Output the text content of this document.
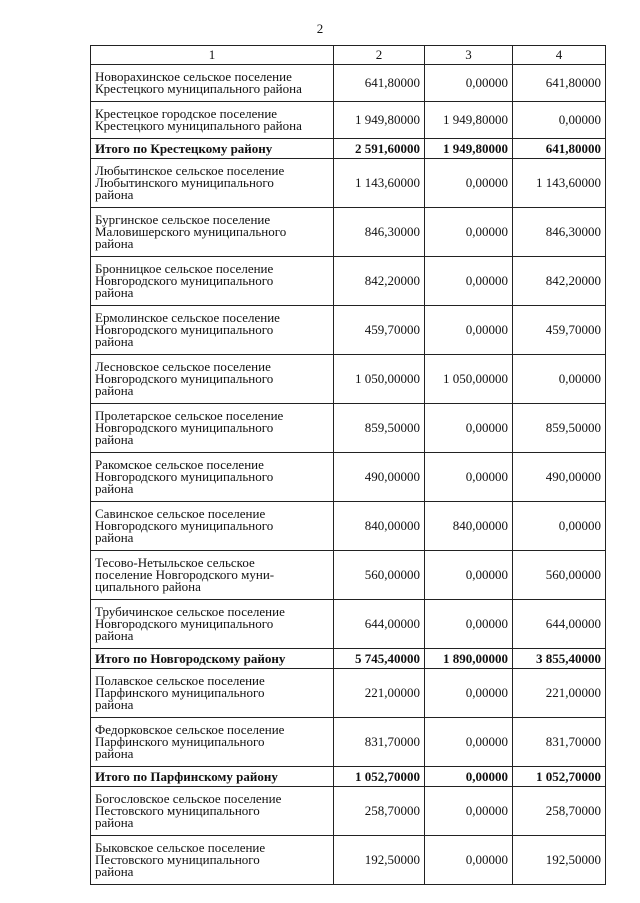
2
1	2	3	4
Новорахинское сельское поселение
Крестецкого муниципального района	641,80000	0,00000	641,80000
Крестецкое городское поселение
Крестецкого муниципального района	1 949,80000	1 949,80000	0,00000
Итого по Крестецкому району	2 591,60000	1 949,80000	641,80000
Любытинское сельское поселение
Любытинского муниципального
района	1 143,60000	0,00000	1 143,60000
Бургинское сельское поселение
Маловишерского муниципального
района	846,30000	0,00000	846,30000
Бронницкое сельское поселение
Новгородского муниципального
района	842,20000	0,00000	842,20000
Ермолинское сельское поселение
Новгородского муниципального
района	459,70000	0,00000	459,70000
Лесновское сельское поселение
Новгородского муниципального
района	1 050,00000	1 050,00000	0,00000
Пролетарское сельское поселение
Новгородского муниципального
района	859,50000	0,00000	859,50000
Ракомское сельское поселение
Новгородского муниципального
района	490,00000	0,00000	490,00000
Савинское сельское поселение
Новгородского муниципального
района	840,00000	840,00000	0,00000
Тесово-Нетыльское сельское
поселение Новгородского муни-
ципального района	560,00000	0,00000	560,00000
Трубичинское сельское поселение
Новгородского муниципального
района	644,00000	0,00000	644,00000
Итого по Новгородскому району	5 745,40000	1 890,00000	3 855,40000
Полавское сельское поселение
Парфинского муниципального
района	221,00000	0,00000	221,00000
Федорковское сельское поселение
Парфинского муниципального
района	831,70000	0,00000	831,70000
Итого по Парфинскому району	1 052,70000	0,00000	1 052,70000
Богословское сельское поселение
Пестовского муниципального
района	258,70000	0,00000	258,70000
Быковское сельское поселение
Пестовского муниципального
района	192,50000	0,00000	192,50000
